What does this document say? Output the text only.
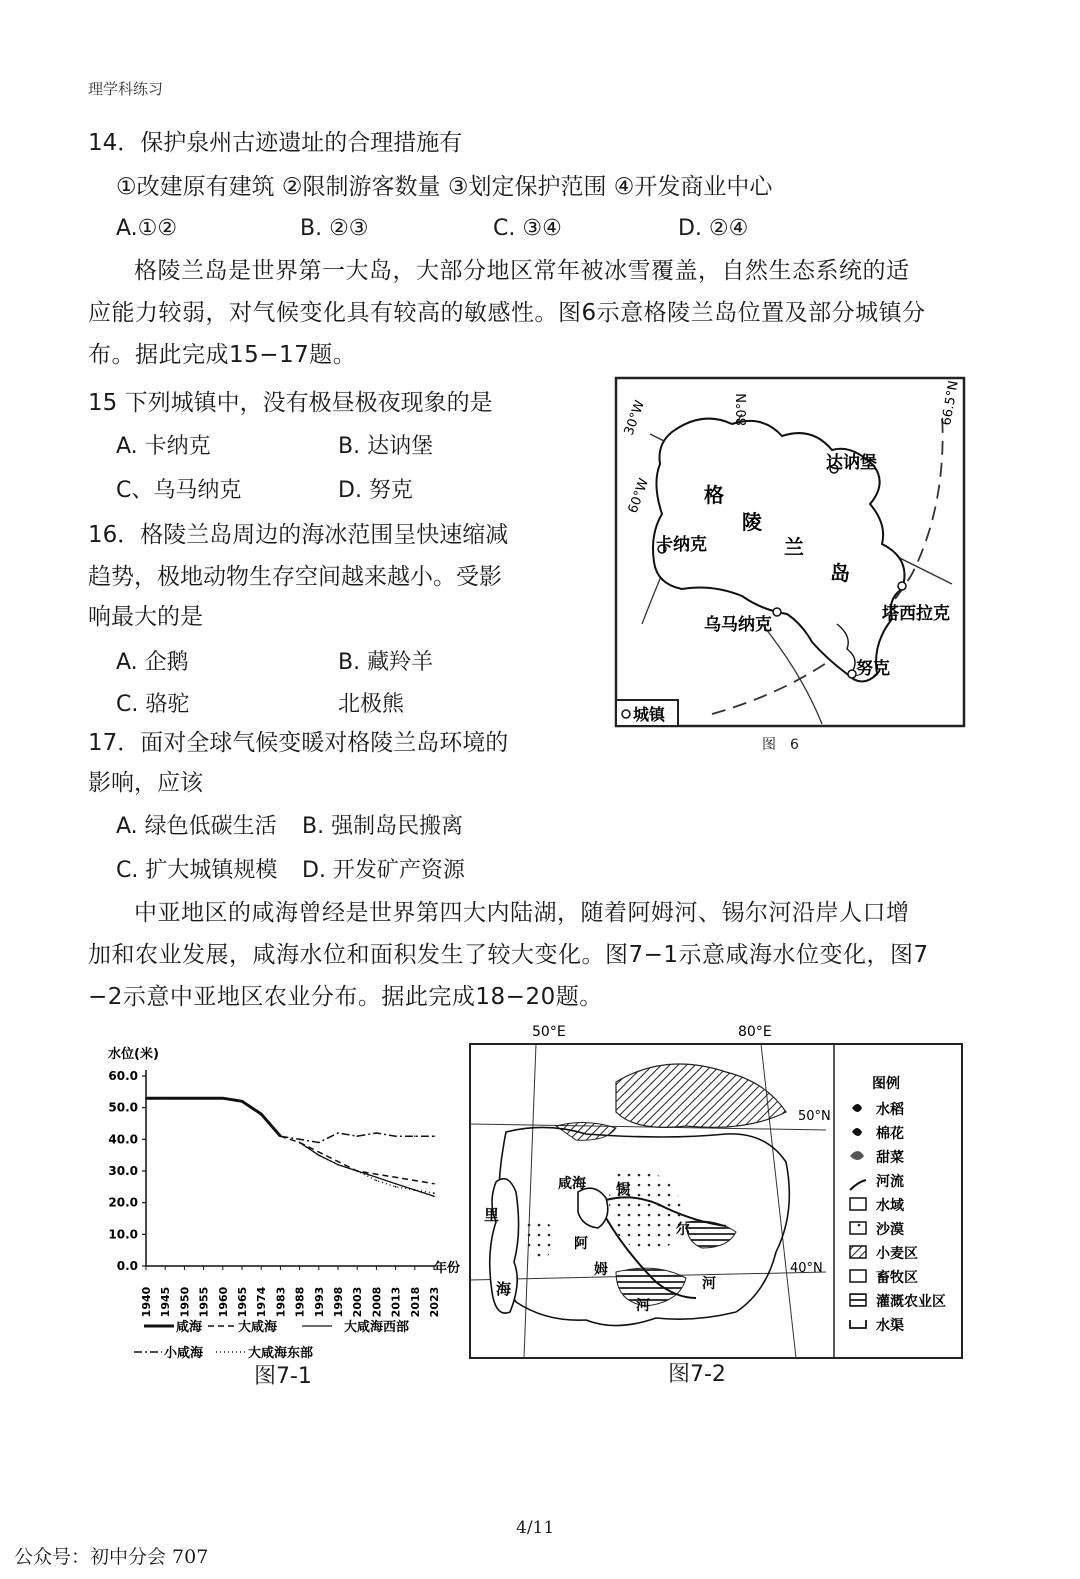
理学科练习
14．保护泉州古迹遗址的合理措施有
①改建原有建筑 ②限制游客数量 ③划定保护范围 ④开发商业中心
A.①②	B. ②③	C. ③④	D. ②④
格陵兰岛是世界第一大岛，大部分地区常年被冰雪覆盖，自然生态系统的适
应能力较弱，对气候变化具有较高的敏感性。图6示意格陵兰岛位置及部分城镇分
布。据此完成15−17题。
15 下列城镇中，没有极昼极夜现象的是
A. 卡纳克	B. 达讷堡
C、乌马纳克	D. 努克
16．格陵兰岛周边的海冰范围呈快速缩减
趋势，极地动物生存空间越来越小。受影
响最大的是
A. 企鹅	B. 藏羚羊
C. 骆驼	北极熊
17．面对全球气候变暖对格陵兰岛环境的
影响，应该
A. 绿色低碳生活 B. 强制岛民搬离
C. 扩大城镇规模 D. 开发矿产资源
中亚地区的咸海曾经是世界第四大内陆湖，随着阿姆河、锡尔河沿岸人口增
加和农业发展，咸海水位和面积发生了较大变化。图7−1示意咸海水位变化，图7
−2示意中亚地区农业分布。据此完成18−20题。
30°W
60°W
80°N	66.5°N
格
陵
兰
岛
达讷堡
卡纳克
塔西拉克
乌马纳克
努克
城镇
图　6
水位(米)
年份
0.0
10.0
20.0
30.0
40.0
50.0
60.0
1940 1945 1950 1955 1960 1965 1974 1983 1988 1993 1998 2003 2008 2013 2018 2023
咸海	大咸海	大咸海西部
小咸海	大咸海东部
图7-1
50°E	80°E
50°N
40°N
里
海
咸海 锡
尔
河
阿
姆
河
图例
水稻
棉花
甜菜
河流
水域
沙漠
小麦区
畜牧区
灌溉农业区
水渠
图7-2
4/11
公众号：初中分会 707
